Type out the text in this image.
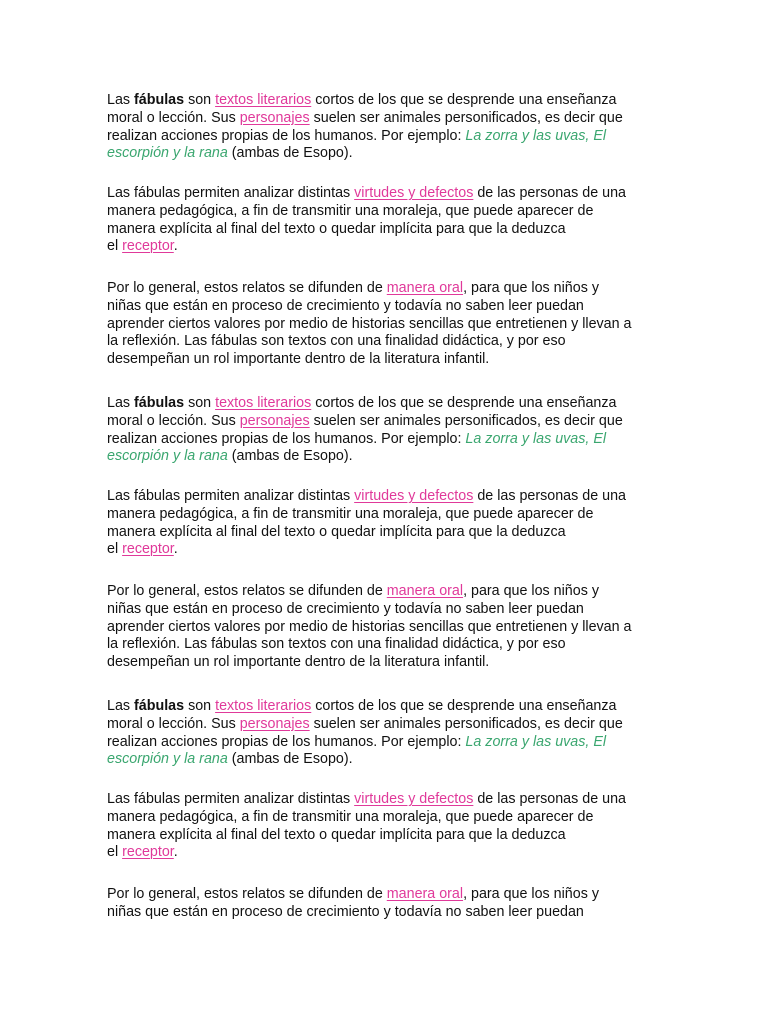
Las fábulas son textos literarios cortos de los que se desprende una enseñanza
moral o lección. Sus personajes suelen ser animales personificados, es decir que
realizan acciones propias de los humanos. Por ejemplo: La zorra y las uvas, El
escorpión y la rana (ambas de Esopo).
Las fábulas permiten analizar distintas virtudes y defectos de las personas de una
manera pedagógica, a fin de transmitir una moraleja, que puede aparecer de
manera explícita al final del texto o quedar implícita para que la deduzca
el receptor.
Por lo general, estos relatos se difunden de manera oral, para que los niños y
niñas que están en proceso de crecimiento y todavía no saben leer puedan
aprender ciertos valores por medio de historias sencillas que entretienen y llevan a
la reflexión. Las fábulas son textos con una finalidad didáctica, y por eso
desempeñan un rol importante dentro de la literatura infantil.
Las fábulas son textos literarios cortos de los que se desprende una enseñanza
moral o lección. Sus personajes suelen ser animales personificados, es decir que
realizan acciones propias de los humanos. Por ejemplo: La zorra y las uvas, El
escorpión y la rana (ambas de Esopo).
Las fábulas permiten analizar distintas virtudes y defectos de las personas de una
manera pedagógica, a fin de transmitir una moraleja, que puede aparecer de
manera explícita al final del texto o quedar implícita para que la deduzca
el receptor.
Por lo general, estos relatos se difunden de manera oral, para que los niños y
niñas que están en proceso de crecimiento y todavía no saben leer puedan
aprender ciertos valores por medio de historias sencillas que entretienen y llevan a
la reflexión. Las fábulas son textos con una finalidad didáctica, y por eso
desempeñan un rol importante dentro de la literatura infantil.
Las fábulas son textos literarios cortos de los que se desprende una enseñanza
moral o lección. Sus personajes suelen ser animales personificados, es decir que
realizan acciones propias de los humanos. Por ejemplo: La zorra y las uvas, El
escorpión y la rana (ambas de Esopo).
Las fábulas permiten analizar distintas virtudes y defectos de las personas de una
manera pedagógica, a fin de transmitir una moraleja, que puede aparecer de
manera explícita al final del texto o quedar implícita para que la deduzca
el receptor.
Por lo general, estos relatos se difunden de manera oral, para que los niños y
niñas que están en proceso de crecimiento y todavía no saben leer puedan
